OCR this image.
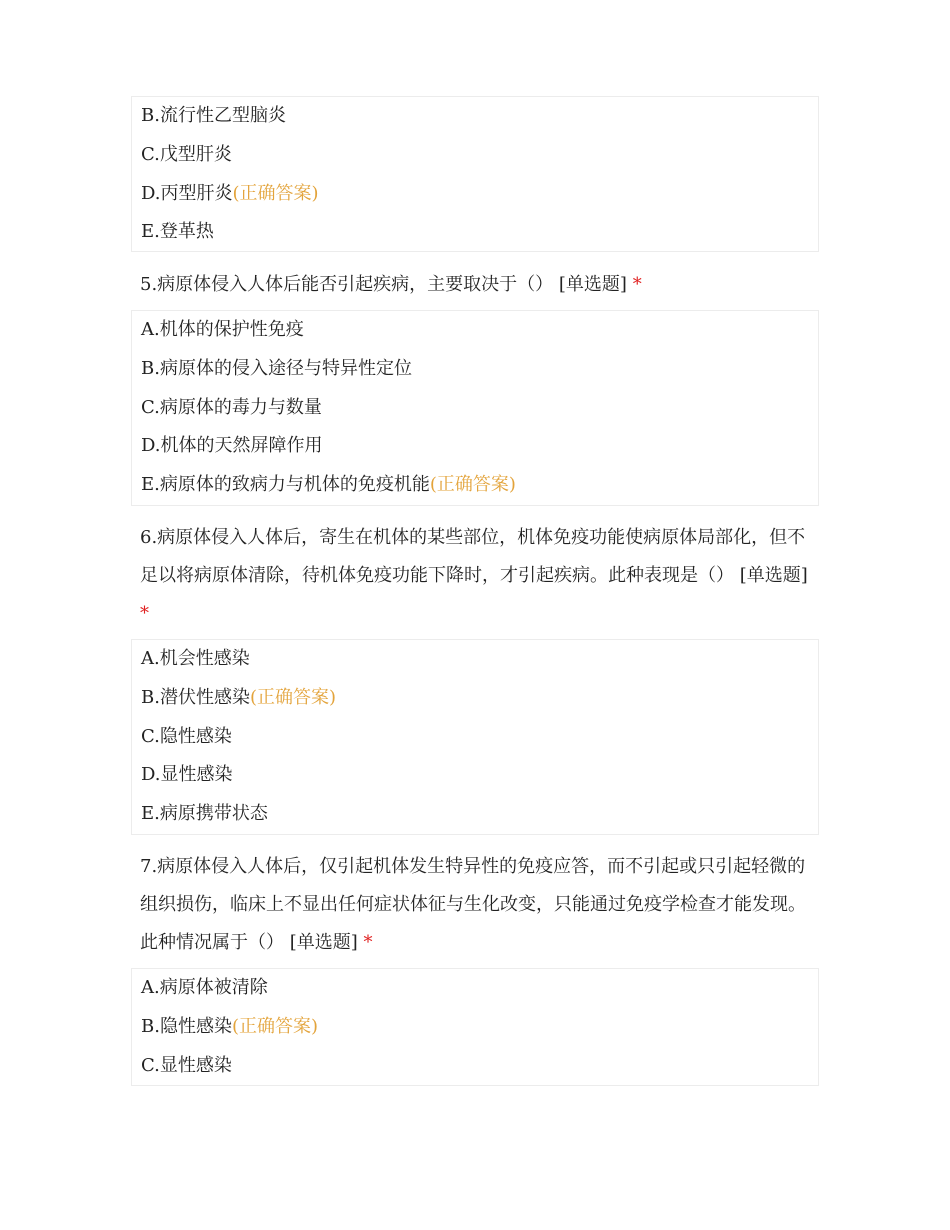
B.流行性乙型脑炎
C.戊型肝炎
D.丙型肝炎(正确答案)
E.登革热
5.病原体侵入人体后能否引起疾病，主要取决于（） [单选题] *
A.机体的保护性免疫
B.病原体的侵入途径与特异性定位
C.病原体的毒力与数量
D.机体的天然屏障作用
E.病原体的致病力与机体的免疫机能(正确答案)
6.病原体侵入人体后，寄生在机体的某些部位，机体免疫功能使病原体局部化，但不足以将病原体清除，待机体免疫功能下降时，才引起疾病。此种表现是（） [单选题] *
A.机会性感染
B.潜伏性感染(正确答案)
C.隐性感染
D.显性感染
E.病原携带状态
7.病原体侵入人体后，仅引起机体发生特异性的免疫应答，而不引起或只引起轻微的组织损伤，临床上不显出任何症状体征与生化改变，只能通过免疫学检查才能发现。此种情况属于（） [单选题] *
A.病原体被清除
B.隐性感染(正确答案)
C.显性感染
